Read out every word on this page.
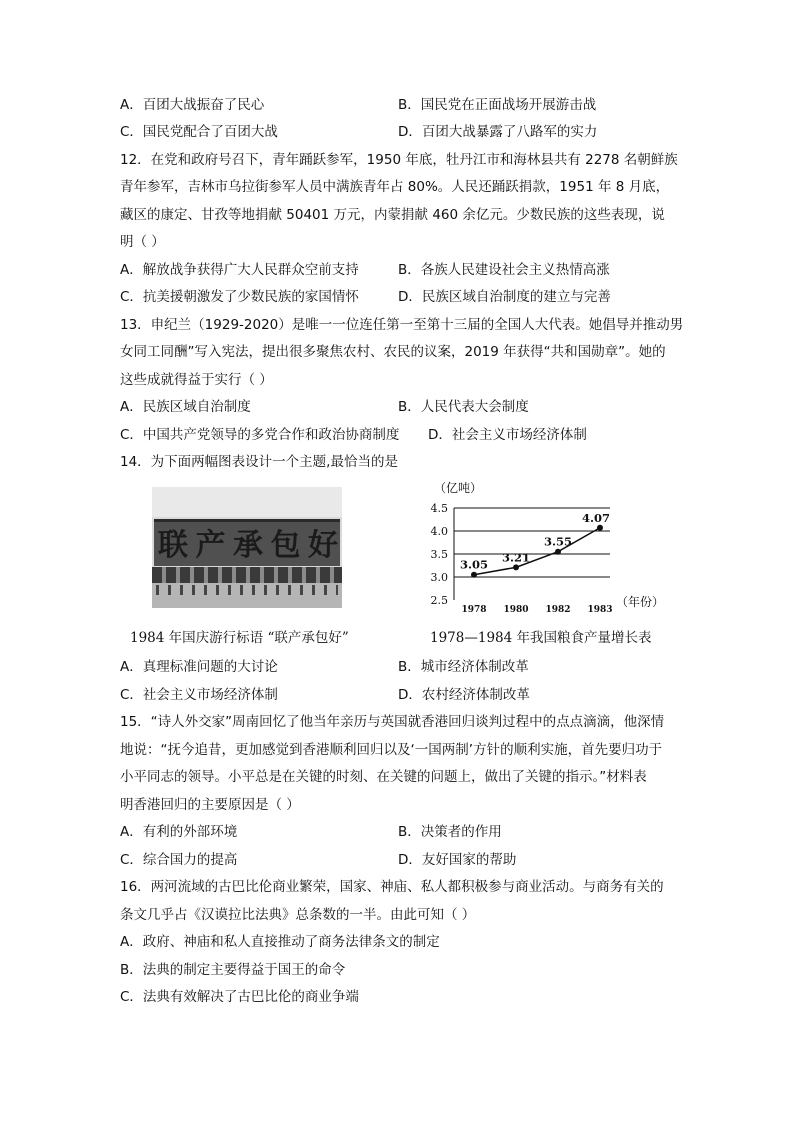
A．百团大战振奋了民心	B．国民党在正面战场开展游击战
C．国民党配合了百团大战	D．百团大战暴露了八路军的实力
12．在党和政府号召下，青年踊跃参军，1950 年底，牡丹江市和海林县共有 2278 名朝鲜族
青年参军，吉林市乌拉街参军人员中满族青年占 80%。人民还踊跃捐款，1951 年 8 月底，
藏区的康定、甘孜等地捐献 50401 万元，内蒙捐献 460 余亿元。少数民族的这些表现，说
明（ ）
A．解放战争获得广大人民群众空前支持	B．各族人民建设社会主义热情高涨
C．抗美援朝激发了少数民族的家国情怀	D．民族区域自治制度的建立与完善
13．申纪兰（1929-2020）是唯一一位连任第一至第十三届的全国人大代表。她倡导并推动男
女同工同酬”写入宪法，提出很多聚焦农村、农民的议案，2019 年获得“共和国勋章”。她的
这些成就得益于实行（ ）
A．民族区域自治制度	B．人民代表大会制度
C．中国共产党领导的多党合作和政治协商制度 D．社会主义市场经济体制
14．为下面两幅图表设计一个主题,最恰当的是
联 产 承 包 好
1984 年国庆游行标语 “联产承包好”
（亿吨）
4.5
4.0
3.5
3.0
2.5
3.05
3.21
3.55
4.07
1978 1980 1982 1983
（年份）
1978—1984 年我国粮食产量增长表
A．真理标准问题的大讨论	B．城市经济体制改革
C．社会主义市场经济体制	D．农村经济体制改革
15．“诗人外交家”周南回忆了他当年亲历与英国就香港回归谈判过程中的点点滴滴，他深情
地说：“抚今追昔，更加感觉到香港顺利回归以及‘一国两制’方针的顺利实施，首先要归功于
小平同志的领导。小平总是在关键的时刻、在关键的问题上，做出了关键的指示。”材料表
明香港回归的主要原因是（ ）
A．有利的外部环境	B．决策者的作用
C．综合国力的提高	D．友好国家的帮助
16．两河流域的古巴比伦商业繁荣，国家、神庙、私人都积极参与商业活动。与商务有关的
条文几乎占《汉谟拉比法典》总条数的一半。由此可知（ ）
A．政府、神庙和私人直接推动了商务法律条文的制定
B．法典的制定主要得益于国王的命令
C．法典有效解决了古巴比伦的商业争端
